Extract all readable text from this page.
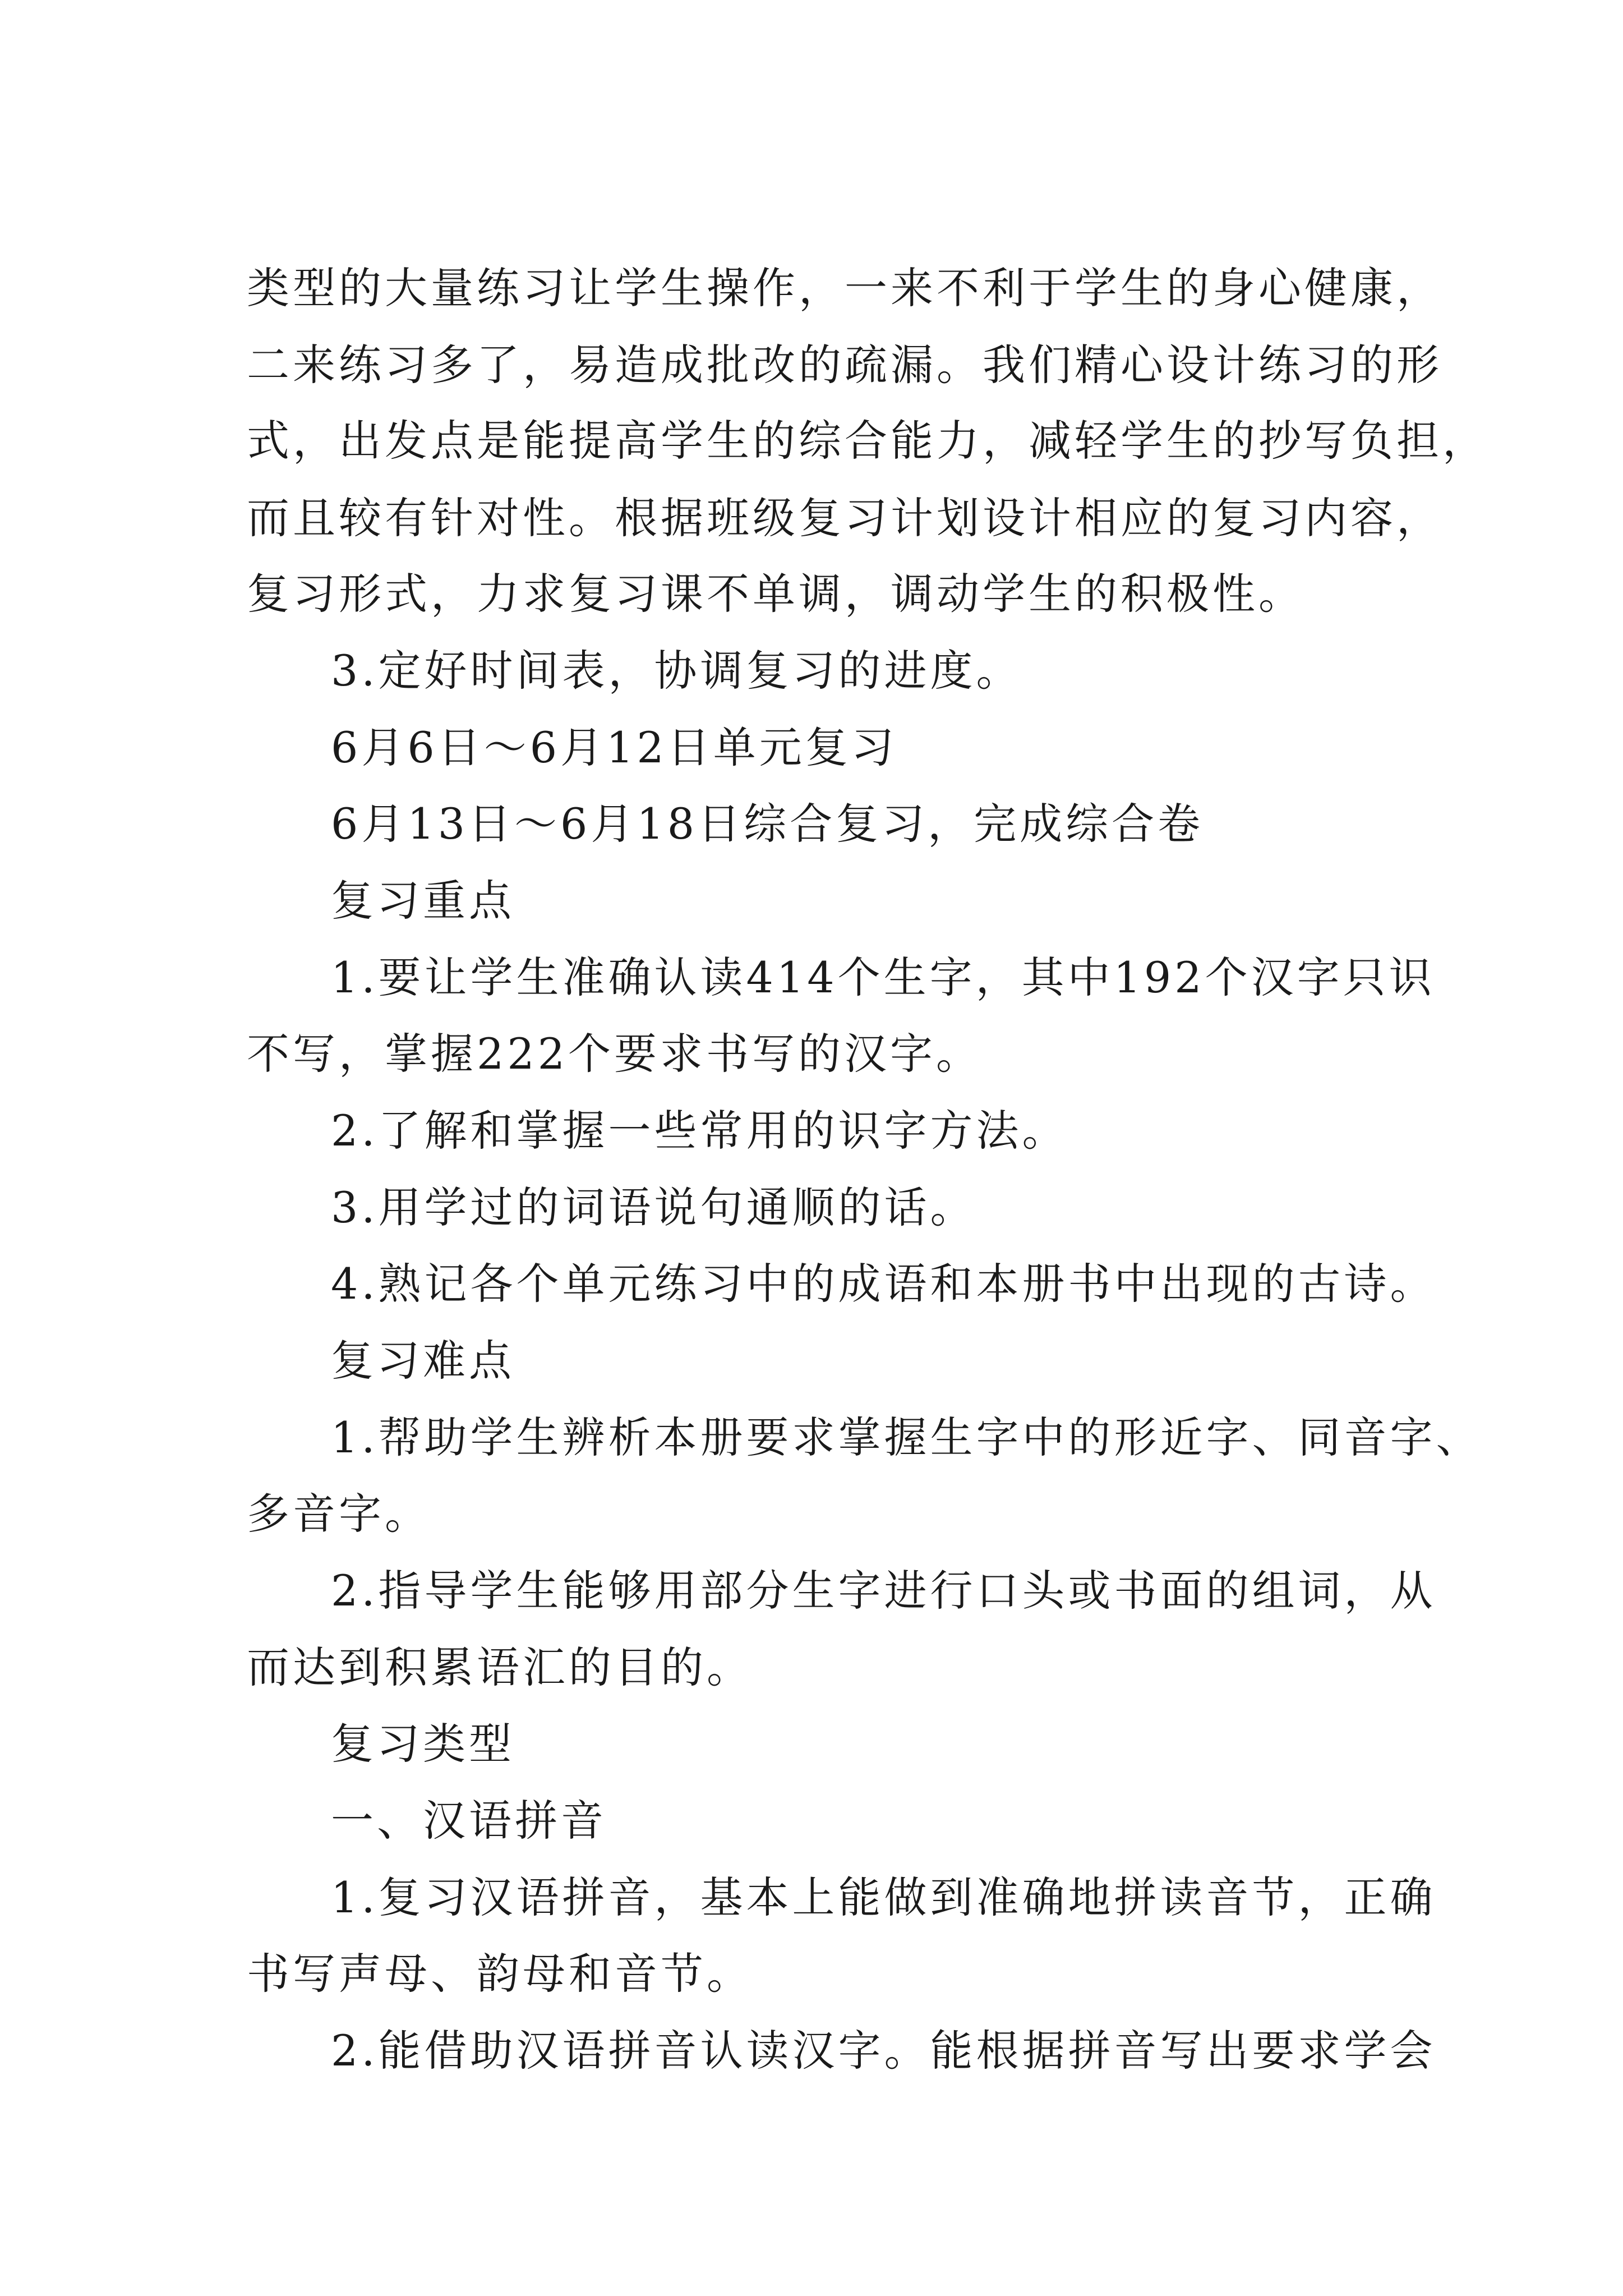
类型的大量练习让学生操作，一来不利于学生的身心健康，

二来练习多了，易造成批改的疏漏。我们精心设计练习的形

式，出发点是能提高学生的综合能力，减轻学生的抄写负担，

而且较有针对性。根据班级复习计划设计相应的复习内容，

复习形式，力求复习课不单调，调动学生的积极性。

3.定好时间表，协调复习的进度。

6月6日～6月12日单元复习

6月13日～6月18日综合复习，完成综合卷

复习重点

1.要让学生准确认读414个生字，其中192个汉字只识

不写，掌握222个要求书写的汉字。

2.了解和掌握一些常用的识字方法。

3.用学过的词语说句通顺的话。

4.熟记各个单元练习中的成语和本册书中出现的古诗。

复习难点

1.帮助学生辨析本册要求掌握生字中的形近字、同音字、

多音字。

2.指导学生能够用部分生字进行口头或书面的组词，从

而达到积累语汇的目的。

复习类型

一、汉语拼音

1.复习汉语拼音，基本上能做到准确地拼读音节，正确

书写声母、韵母和音节。

2.能借助汉语拼音认读汉字。能根据拼音写出要求学会
